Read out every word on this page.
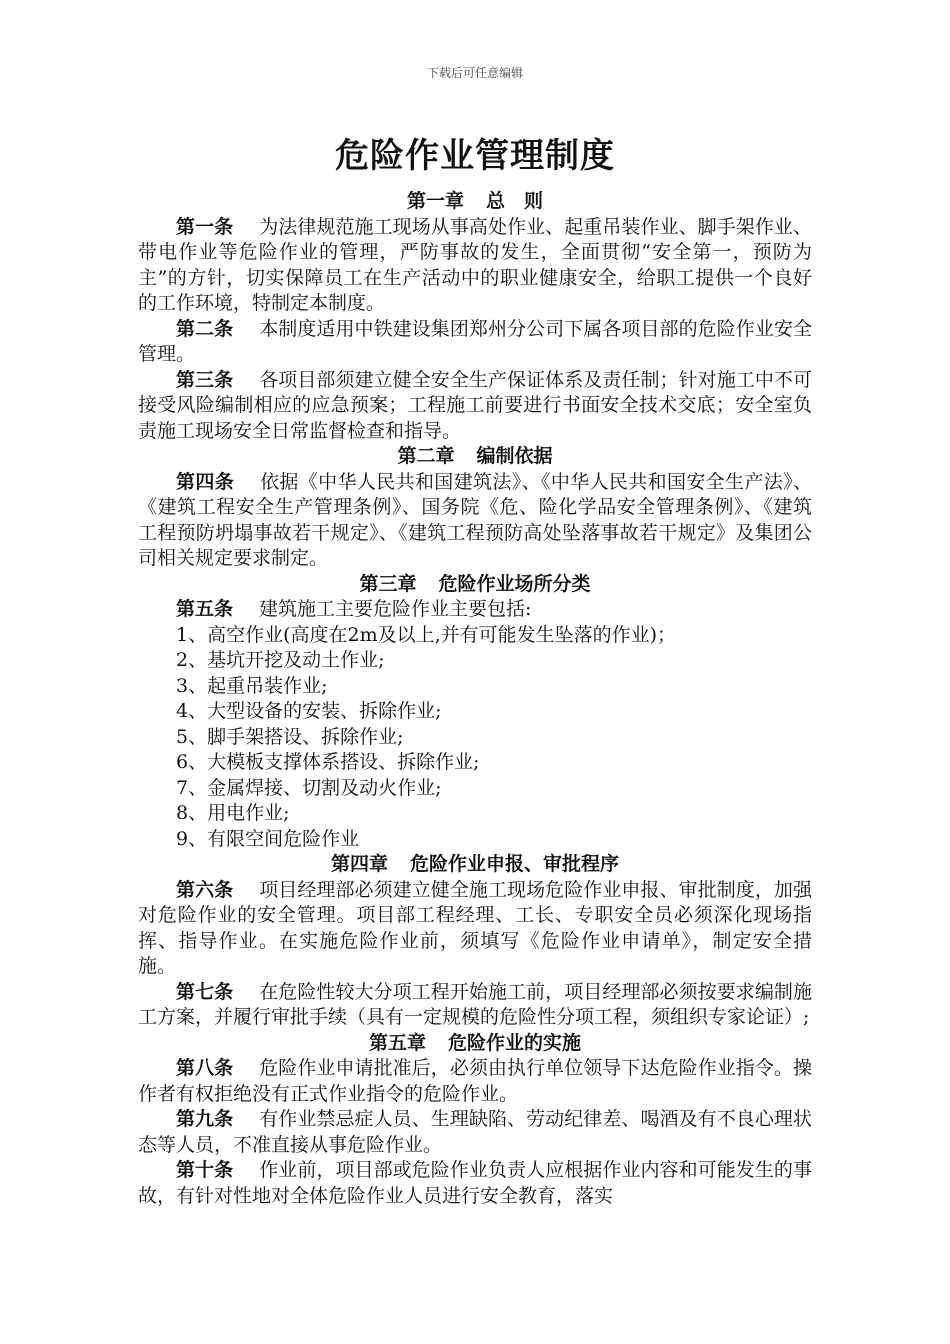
下载后可任意编辑
危险作业管理制度

第一章 总　则

第一条 为法律规范施工现场从事高处作业、起重吊装作业、脚手架作业、带电作业等危险作业的管理，严防事故的发生，全面贯彻“安全第一，预防为主”的方针，切实保障员工在生产活动中的职业健康安全，给职工提供一个良好的工作环境，特制定本制度。

第二条 本制度适用中铁建设集团郑州分公司下属各项目部的危险作业安全管理。

第三条 各项目部须建立健全安全生产保证体系及责任制；针对施工中不可接受风险编制相应的应急预案；工程施工前要进行书面安全技术交底；安全室负责施工现场安全日常监督检查和指导。

第二章 编制依据

第四条 依据《中华人民共和国建筑法》、《中华人民共和国安全生产法》、《建筑工程安全生产管理条例》、国务院《危、险化学品安全管理条例》、《建筑工程预防坍塌事故若干规定》、《建筑工程预防高处坠落事故若干规定》及集团公司相关规定要求制定。

第三章 危险作业场所分类

第五条 建筑施工主要危险作业主要包括:

1、高空作业(高度在2m及以上,并有可能发生坠落的作业)；

2、基坑开挖及动土作业;

3、起重吊装作业;

4、大型设备的安装、拆除作业;

5、脚手架搭设、拆除作业;

6、大模板支撑体系搭设、拆除作业;

7、金属焊接、切割及动火作业;

8、用电作业;

9、有限空间危险作业

第四章 危险作业申报、审批程序

第六条 项目经理部必须建立健全施工现场危险作业申报、审批制度，加强对危险作业的安全管理。项目部工程经理、工长、专职安全员必须深化现场指挥、指导作业。在实施危险作业前，须填写《危险作业申请单》，制定安全措施。

第七条 在危险性较大分项工程开始施工前，项目经理部必须按要求编制施工方案，并履行审批手续（具有一定规模的危险性分项工程，须组织专家论证）;

第五章 危险作业的实施

第八条 危险作业申请批准后，必须由执行单位领导下达危险作业指令。操作者有权拒绝没有正式作业指令的危险作业。

第九条 有作业禁忌症人员、生理缺陷、劳动纪律差、喝酒及有不良心理状态等人员，不准直接从事危险作业。

第十条 作业前，项目部或危险作业负责人应根据作业内容和可能发生的事故，有针对性地对全体危险作业人员进行安全教育，落实
